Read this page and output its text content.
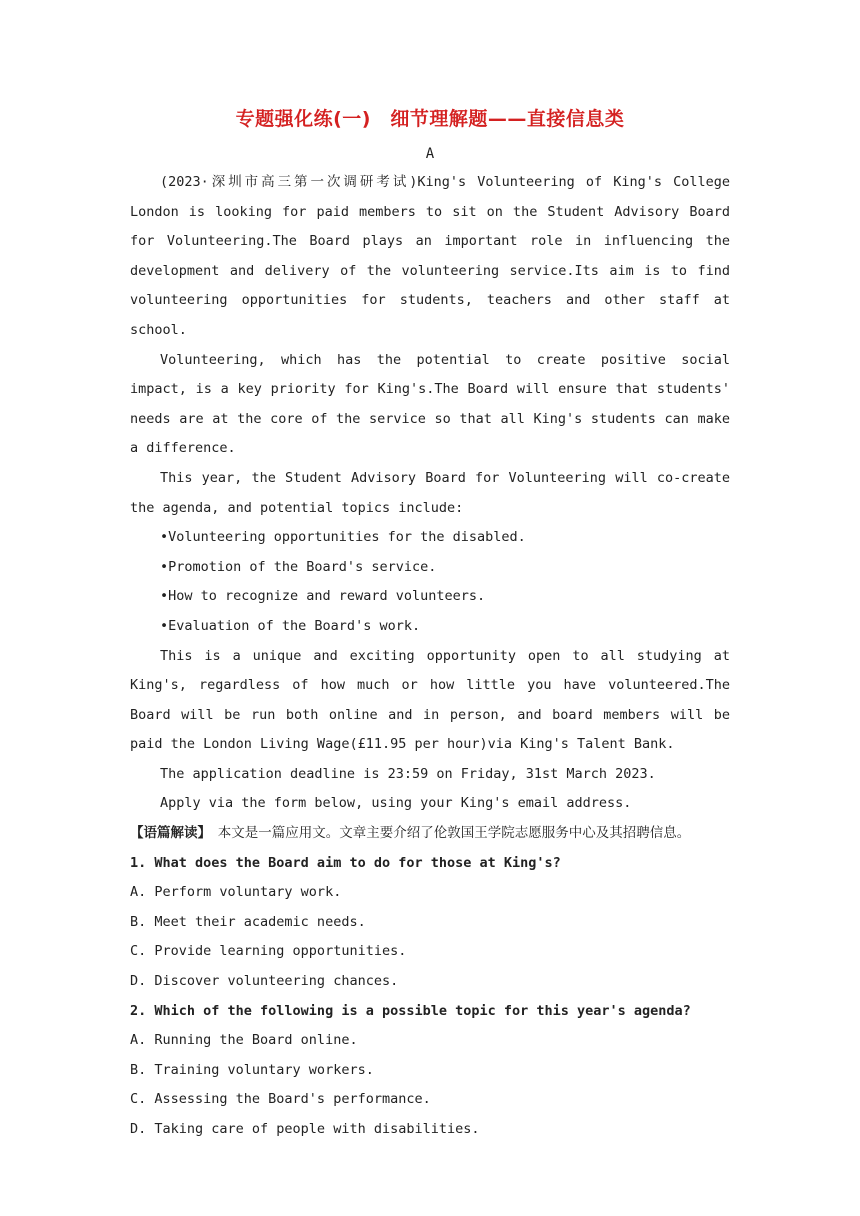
专题强化练(一)　细节理解题——直接信息类
A

(2023·深圳市高三第一次调研考试)King's Volunteering of King's College London is looking for paid members to sit on the Student Advisory Board for Volunteering.The Board plays an important role in influencing the development and delivery of the volunteering service.Its aim is to find volunteering opportunities for students, teachers and other staff at school.

Volunteering, which has the potential to create positive social impact, is a key priority for King's.The Board will ensure that students' needs are at the core of the service so that all King's students can make a difference.

This year, the Student Advisory Board for Volunteering will co-create the agenda, and potential topics include:

•Volunteering opportunities for the disabled.

•Promotion of the Board's service.

•How to recognize and reward volunteers.

•Evaluation of the Board's work.

This is a unique and exciting opportunity open to all studying at King's, regardless of how much or how little you have volunteered.The Board will be run both online and in person, and board members will be paid the London Living Wage(£11.95 per hour)via King's Talent Bank.

The application deadline is 23:59 on Friday, 31st March 2023.

Apply via the form below, using your King's email address.

【语篇解读】　本文是一篇应用文。文章主要介绍了伦敦国王学院志愿服务中心及其招聘信息。

1. What does the Board aim to do for those at King's?

A. Perform voluntary work.

B. Meet their academic needs.

C. Provide learning opportunities.

D. Discover volunteering chances.

2. Which of the following is a possible topic for this year's agenda?

A. Running the Board online.

B. Training voluntary workers.

C. Assessing the Board's performance.

D. Taking care of people with disabilities.
